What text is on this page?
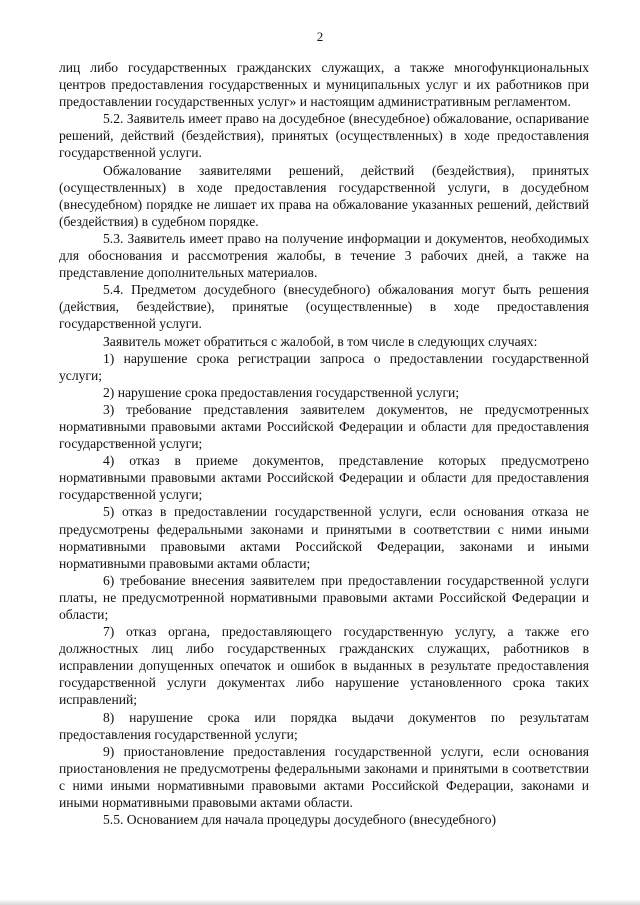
2

лиц либо государственных гражданских служащих, а также многофункциональных центров предоставления государственных и муниципальных услуг и их работников при предоставлении государственных услуг» и настоящим административным регламентом.

5.2. Заявитель имеет право на досудебное (внесудебное) обжалование, оспаривание решений, действий (бездействия), принятых (осуществленных) в ходе предоставления государственной услуги.

Обжалование заявителями решений, действий (бездействия), принятых (осуществленных) в ходе предоставления государственной услуги, в досудебном (внесудебном) порядке не лишает их права на обжалование указанных решений, действий (бездействия) в судебном порядке.

5.3. Заявитель имеет право на получение информации и документов, необходимых для обоснования и рассмотрения жалобы, в течение 3 рабочих дней, а также на представление дополнительных материалов.

5.4. Предметом досудебного (внесудебного) обжалования могут быть решения (действия, бездействие), принятые (осуществленные) в ходе предоставления государственной услуги.

Заявитель может обратиться с жалобой, в том числе в следующих случаях:

1) нарушение срока регистрации запроса о предоставлении государственной услуги;

2) нарушение срока предоставления государственной услуги;

3) требование представления заявителем документов, не предусмотренных нормативными правовыми актами Российской Федерации и области для предоставления государственной услуги;

4) отказ в приеме документов, представление которых предусмотрено нормативными правовыми актами Российской Федерации и области для предоставления государственной услуги;

5) отказ в предоставлении государственной услуги, если основания отказа не предусмотрены федеральными законами и принятыми в соответствии с ними иными нормативными правовыми актами Российской Федерации, законами и иными нормативными правовыми актами области;

6) требование внесения заявителем при предоставлении государственной услуги платы, не предусмотренной нормативными правовыми актами Российской Федерации и области;

7) отказ органа, предоставляющего государственную услугу, а также его должностных лиц либо государственных гражданских служащих, работников в исправлении допущенных опечаток и ошибок в выданных в результате предоставления государственной услуги документах либо нарушение установленного срока таких исправлений;

8) нарушение срока или порядка выдачи документов по результатам предоставления государственной услуги;

9) приостановление предоставления государственной услуги, если основания приостановления не предусмотрены федеральными законами и принятыми в соответствии с ними иными нормативными правовыми актами Российской Федерации, законами и иными нормативными правовыми актами области.

5.5. Основанием для начала процедуры досудебного (внесудебного)
